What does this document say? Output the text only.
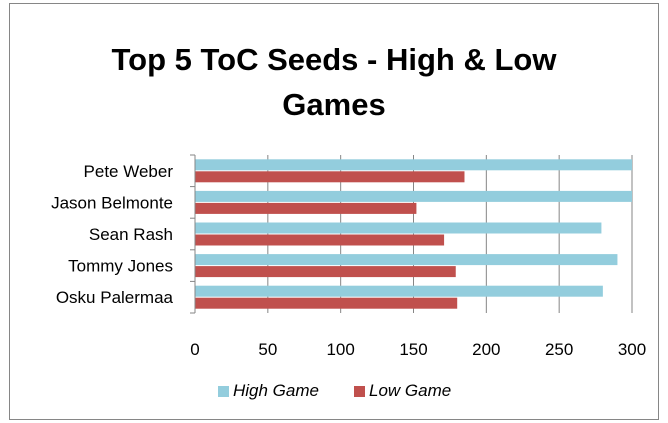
Top 5 ToC Seeds - High & Low
Games
Pete Weber
Jason Belmonte
Sean Rash
Tommy Jones
Osku Palermaa
0	50	100	150	200	250	300
High Game	Low Game
